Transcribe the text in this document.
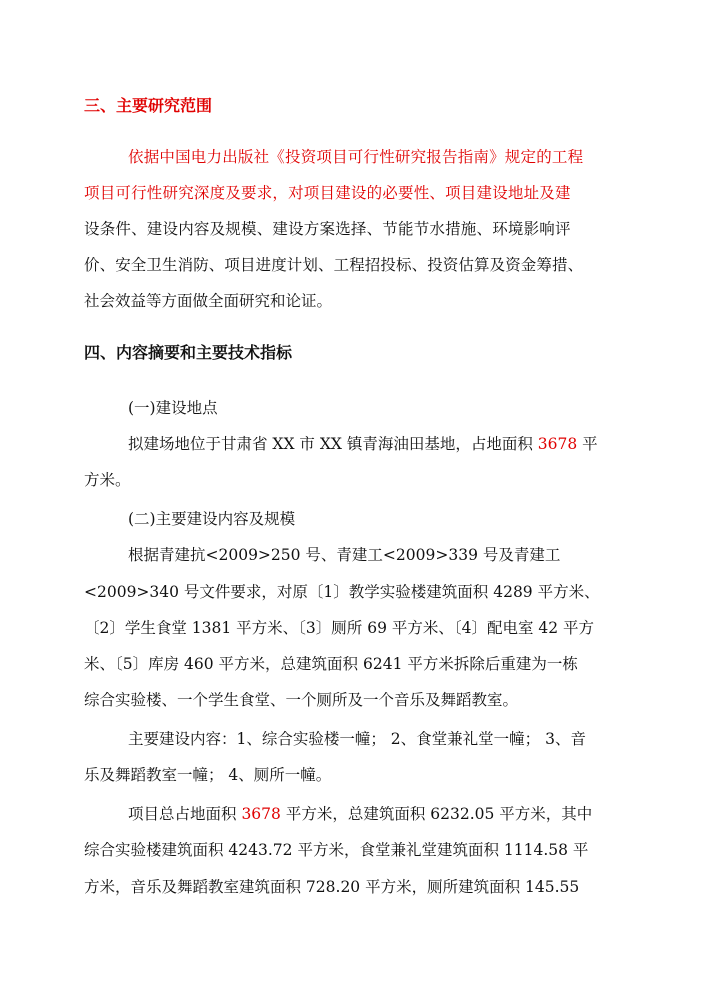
三、主要研究范围
依据中国电力出版社《投资项目可行性研究报告指南》规定的工程
项目可行性研究深度及要求，对项目建设的必要性、项目建设地址及建
设条件、建设内容及规模、建设方案选择、节能节水措施、环境影响评
价、安全卫生消防、项目进度计划、工程招投标、投资估算及资金筹措、
社会效益等方面做全面研究和论证。
四、内容摘要和主要技术指标
(一)建设地点
拟建场地位于甘肃省 XX 市 XX 镇青海油田基地，占地面积 3678 平
方米。
(二)主要建设内容及规模
根据青建抗<2009>250 号、青建工<2009>339 号及青建工
<2009>340 号文件要求，对原〔1〕教学实验楼建筑面积 4289 平方米、
〔2〕学生食堂 1381 平方米、〔3〕厕所 69 平方米、〔4〕配电室 42 平方
米、〔5〕库房 460 平方米，总建筑面积 6241 平方米拆除后重建为一栋
综合实验楼、一个学生食堂、一个厕所及一个音乐及舞蹈教室。
主要建设内容：1、综合实验楼一幢； 2、食堂兼礼堂一幢； 3、音
乐及舞蹈教室一幢； 4、厕所一幢。
项目总占地面积 3678 平方米，总建筑面积 6232.05 平方米，其中
综合实验楼建筑面积 4243.72 平方米，食堂兼礼堂建筑面积 1114.58 平
方米，音乐及舞蹈教室建筑面积 728.20 平方米，厕所建筑面积 145.55
